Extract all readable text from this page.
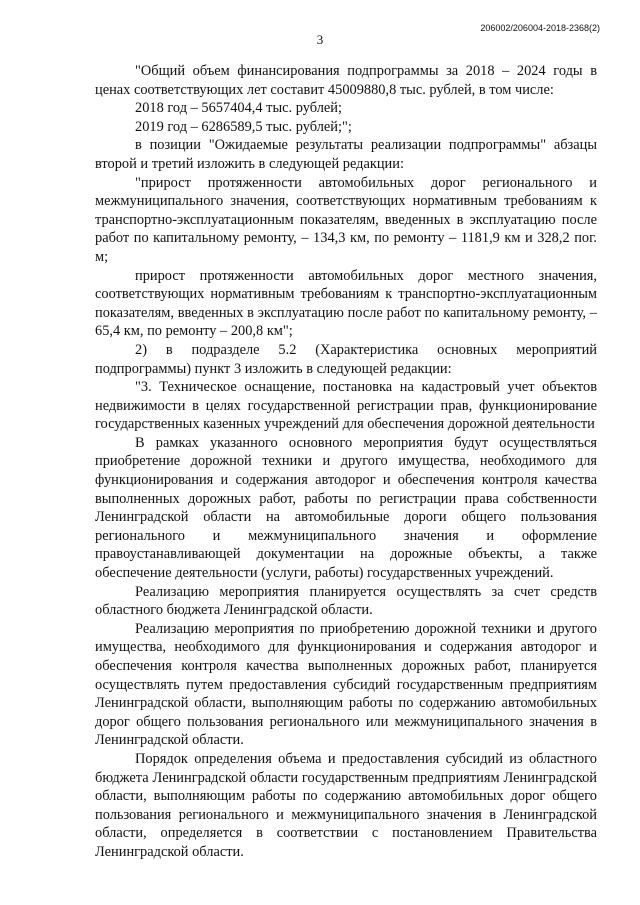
206002/206004-2018-2368(2)
3

"Общий объем финансирования подпрограммы за 2018 – 2024 годы в ценах соответствующих лет составит 45009880,8 тыс. рублей, в том числе:

2018 год – 5657404,4 тыс. рублей;

2019 год – 6286589,5 тыс. рублей;";

в позиции "Ожидаемые результаты реализации подпрограммы" абзацы второй и третий изложить в следующей редакции:

"прирост протяженности автомобильных дорог регионального и межмуниципального значения, соответствующих нормативным требованиям к транспортно-эксплуатационным показателям, введенных в эксплуатацию после работ по капитальному ремонту, – 134,3 км, по ремонту – 1181,9 км и 328,2 пог. м;

прирост протяженности автомобильных дорог местного значения, соответствующих нормативным требованиям к транспортно-эксплуатационным показателям, введенных в эксплуатацию после работ по капитальному ремонту, – 65,4 км, по ремонту – 200,8 км";

2) в подразделе 5.2 (Характеристика основных мероприятий подпрограммы) пункт 3 изложить в следующей редакции:

"3. Техническое оснащение, постановка на кадастровый учет объектов недвижимости в целях государственной регистрации прав, функционирование государственных казенных учреждений для обеспечения дорожной деятельности

В рамках указанного основного мероприятия будут осуществляться приобретение дорожной техники и другого имущества, необходимого для функционирования и содержания автодорог и обеспечения контроля качества выполненных дорожных работ, работы по регистрации права собственности Ленинградской области на автомобильные дороги общего пользования регионального и межмуниципального значения и оформление правоустанавливающей документации на дорожные объекты, а также обеспечение деятельности (услуги, работы) государственных учреждений.

Реализацию мероприятия планируется осуществлять за счет средств областного бюджета Ленинградской области.

Реализацию мероприятия по приобретению дорожной техники и другого имущества, необходимого для функционирования и содержания автодорог и обеспечения контроля качества выполненных дорожных работ, планируется осуществлять путем предоставления субсидий государственным предприятиям Ленинградской области, выполняющим работы по содержанию автомобильных дорог общего пользования регионального или межмуниципального значения в Ленинградской области.

Порядок определения объема и предоставления субсидий из областного бюджета Ленинградской области государственным предприятиям Ленинградской области, выполняющим работы по содержанию автомобильных дорог общего пользования регионального и межмуниципального значения в Ленинградской области, определяется в соответствии с постановлением Правительства Ленинградской области.
